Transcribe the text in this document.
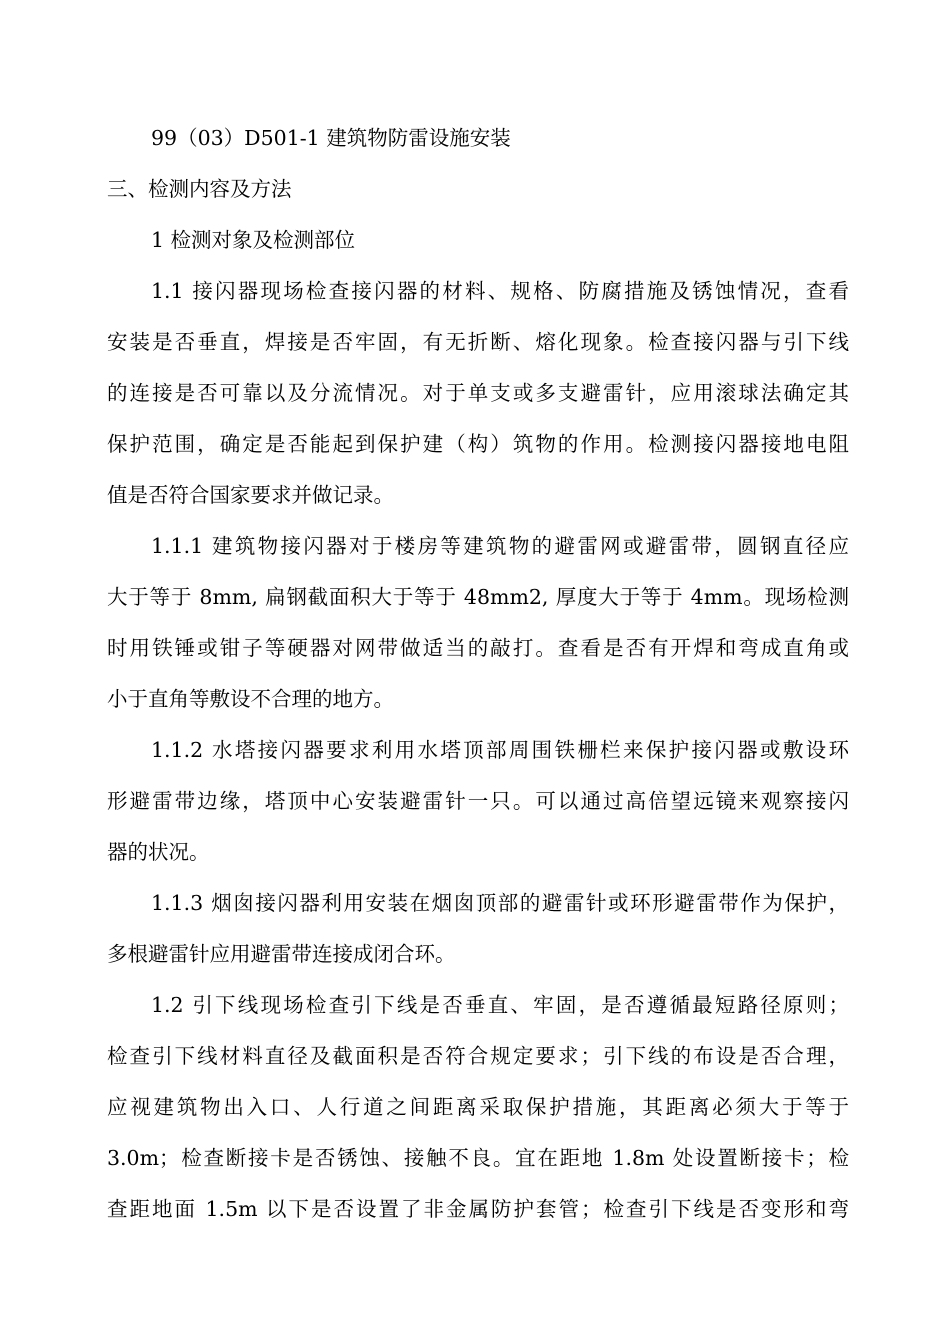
99（03）D501-1 建筑物防雷设施安装
三、检测内容及方法
1 检测对象及检测部位
1.1 接闪器现场检查接闪器的材料、规格、防腐措施及锈蚀情况，查看
安装是否垂直，焊接是否牢固，有无折断、熔化现象。检查接闪器与引下线
的连接是否可靠以及分流情况。对于单支或多支避雷针，应用滚球法确定其
保护范围，确定是否能起到保护建（构）筑物的作用。检测接闪器接地电阻
值是否符合国家要求并做记录。
1.1.1 建筑物接闪器对于楼房等建筑物的避雷网或避雷带，圆钢直径应
大于等于 8mm, 扁钢截面积大于等于 48mm2, 厚度大于等于 4mm。现场检测
时用铁锤或钳子等硬器对网带做适当的敲打。查看是否有开焊和弯成直角或
小于直角等敷设不合理的地方。
1.1.2 水塔接闪器要求利用水塔顶部周围铁栅栏来保护接闪器或敷设环
形避雷带边缘，塔顶中心安装避雷针一只。可以通过高倍望远镜来观察接闪
器的状况。
1.1.3 烟囱接闪器利用安装在烟囱顶部的避雷针或环形避雷带作为保护，
多根避雷针应用避雷带连接成闭合环。
1.2 引下线现场检查引下线是否垂直、牢固，是否遵循最短路径原则；
检查引下线材料直径及截面积是否符合规定要求；引下线的布设是否合理，
应视建筑物出入口、人行道之间距离采取保护措施，其距离必须大于等于
3.0m；检查断接卡是否锈蚀、接触不良。宜在距地 1.8m 处设置断接卡；检
查距地面 1.5m 以下是否设置了非金属防护套管；检查引下线是否变形和弯
